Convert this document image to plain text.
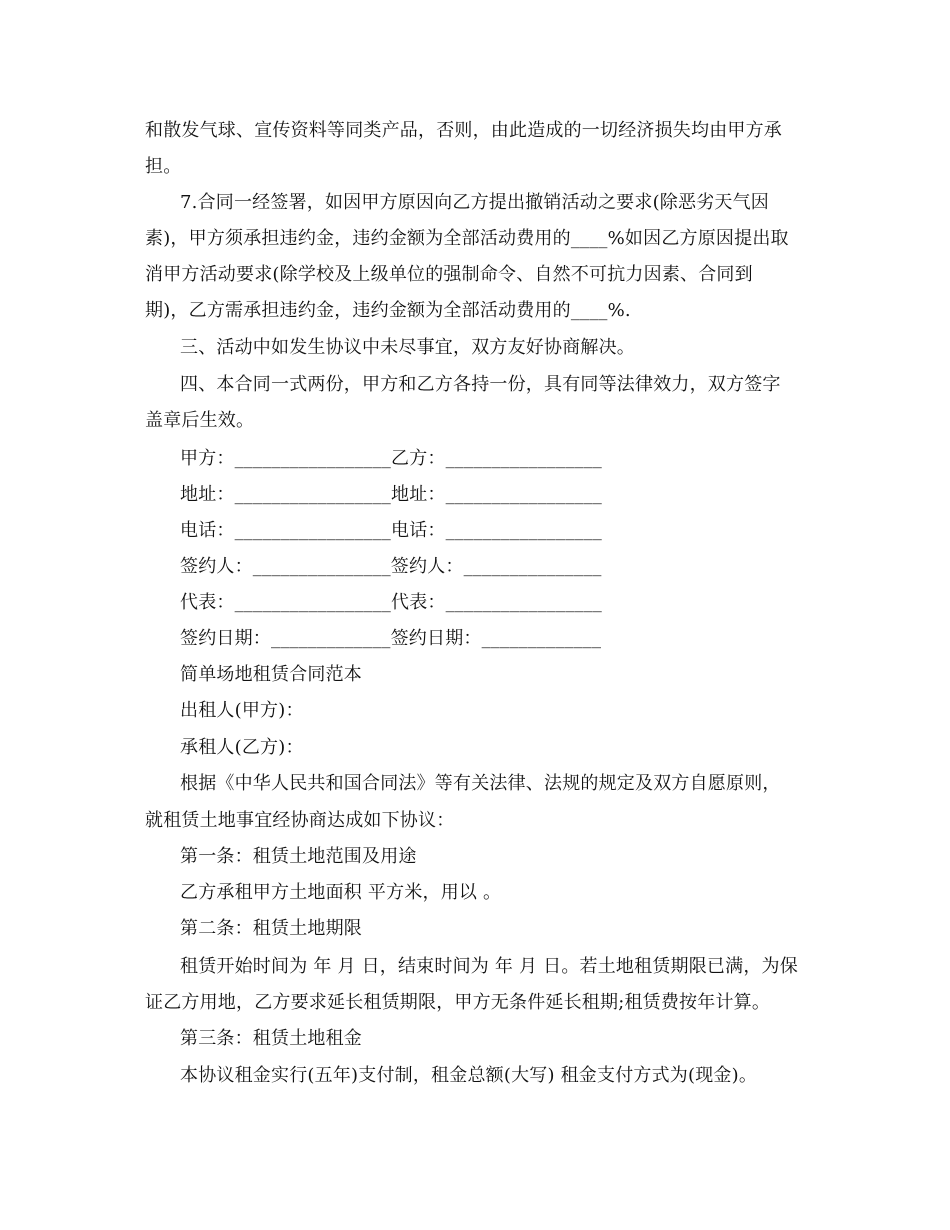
和散发气球、宣传资料等同类产品，否则，由此造成的一切经济损失均由甲方承
担。
7.合同一经签署，如因甲方原因向乙方提出撤销活动之要求(除恶劣天气因
素)，甲方须承担违约金，违约金额为全部活动费用的____%如因乙方原因提出取
消甲方活动要求(除学校及上级单位的强制命令、自然不可抗力因素、合同到
期)，乙方需承担违约金，违约金额为全部活动费用的____%.
三、活动中如发生协议中未尽事宜，双方友好协商解决。
四、本合同一式两份，甲方和乙方各持一份，具有同等法律效力，双方签字
盖章后生效。
甲方：_________________乙方：_________________
地址：_________________地址：_________________
电话：_________________电话：_________________
签约人：_______________签约人：_______________
代表：_________________代表：_________________
签约日期：_____________签约日期：_____________
简单场地租赁合同范本
出租人(甲方)：
承租人(乙方)：
根据《中华人民共和国合同法》等有关法律、法规的规定及双方自愿原则，
就租赁土地事宜经协商达成如下协议：
第一条：租赁土地范围及用途
乙方承租甲方土地面积 平方米，用以 。
第二条：租赁土地期限
租赁开始时间为 年 月 日，结束时间为 年 月 日。若土地租赁期限已满，为保
证乙方用地，乙方要求延长租赁期限，甲方无条件延长租期;租赁费按年计算。
第三条：租赁土地租金
本协议租金实行(五年)支付制，租金总额(大写) 租金支付方式为(现金)。
